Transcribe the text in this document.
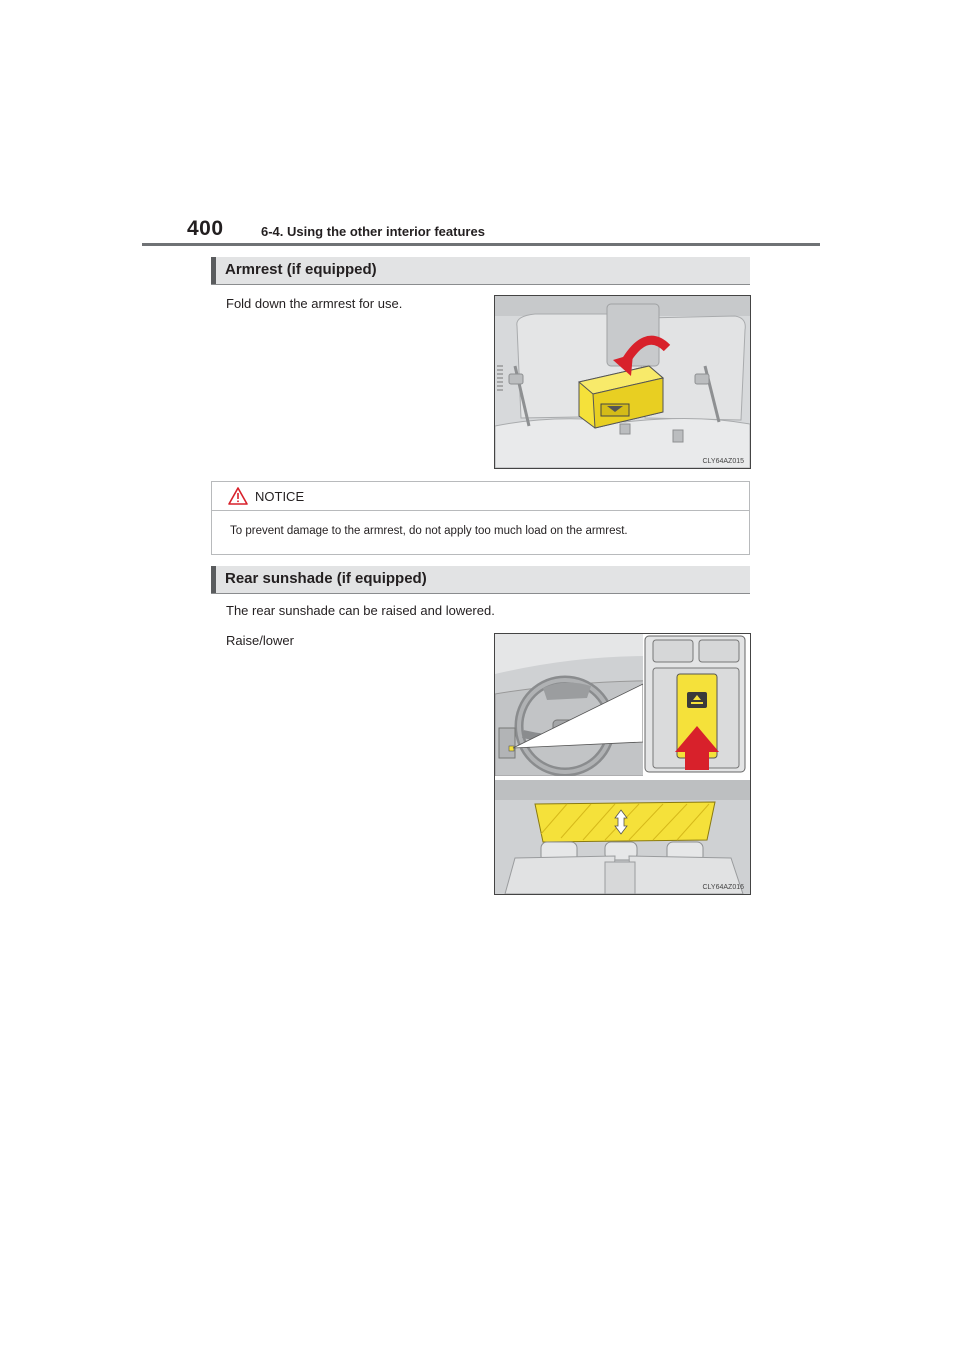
400	6-4. Using the other interior features
Armrest (if equipped)
Fold down the armrest for use.
CLY64AZ015
NOTICE
To prevent damage to the armrest, do not apply too much load on the armrest.
Rear sunshade (if equipped)
The rear sunshade can be raised and lowered.
Raise/lower
CLY64AZ016
